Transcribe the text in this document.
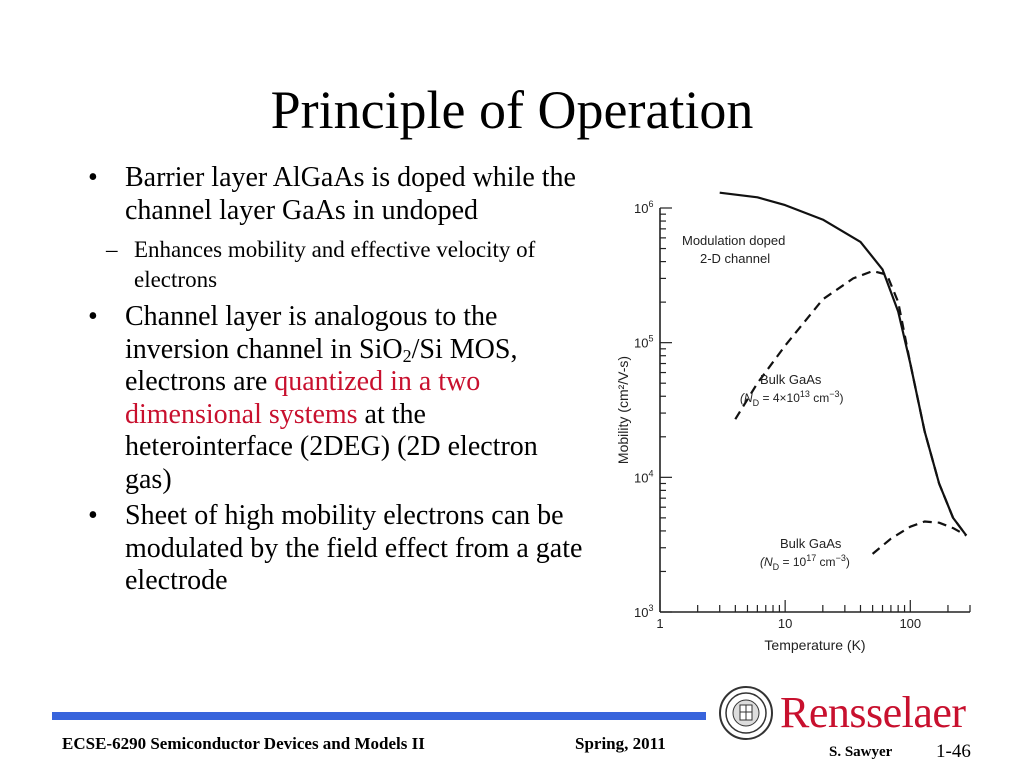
Principle of Operation
• Barrier layer AlGaAs is doped while the channel layer GaAs in undoped
– Enhances mobility and effective velocity of electrons
• Channel layer is analogous to the inversion channel in SiO$_2$/Si MOS, electrons are quantized in a two dimensional systems at the heterointerface (2DEG) (2D electron gas)
• Sheet of high mobility electrons can be modulated by the field effect from a gate electrode
1	10	100
$10^3$
$10^4$
$10^5$
$10^6$
Temperature (K)
Mobility (cm²/V-s)
Modulation doped
2-D channel
Bulk GaAs
($N_D = 4\times 10^{13}$ $cm^{-3}$)
Bulk GaAs
($N_D = 10^{17}$ $cm^{-3}$)
ECSE-6290 Semiconductor Devices and Models II	Spring, 2011	S. Sawyer 1-46
Rensselaer
